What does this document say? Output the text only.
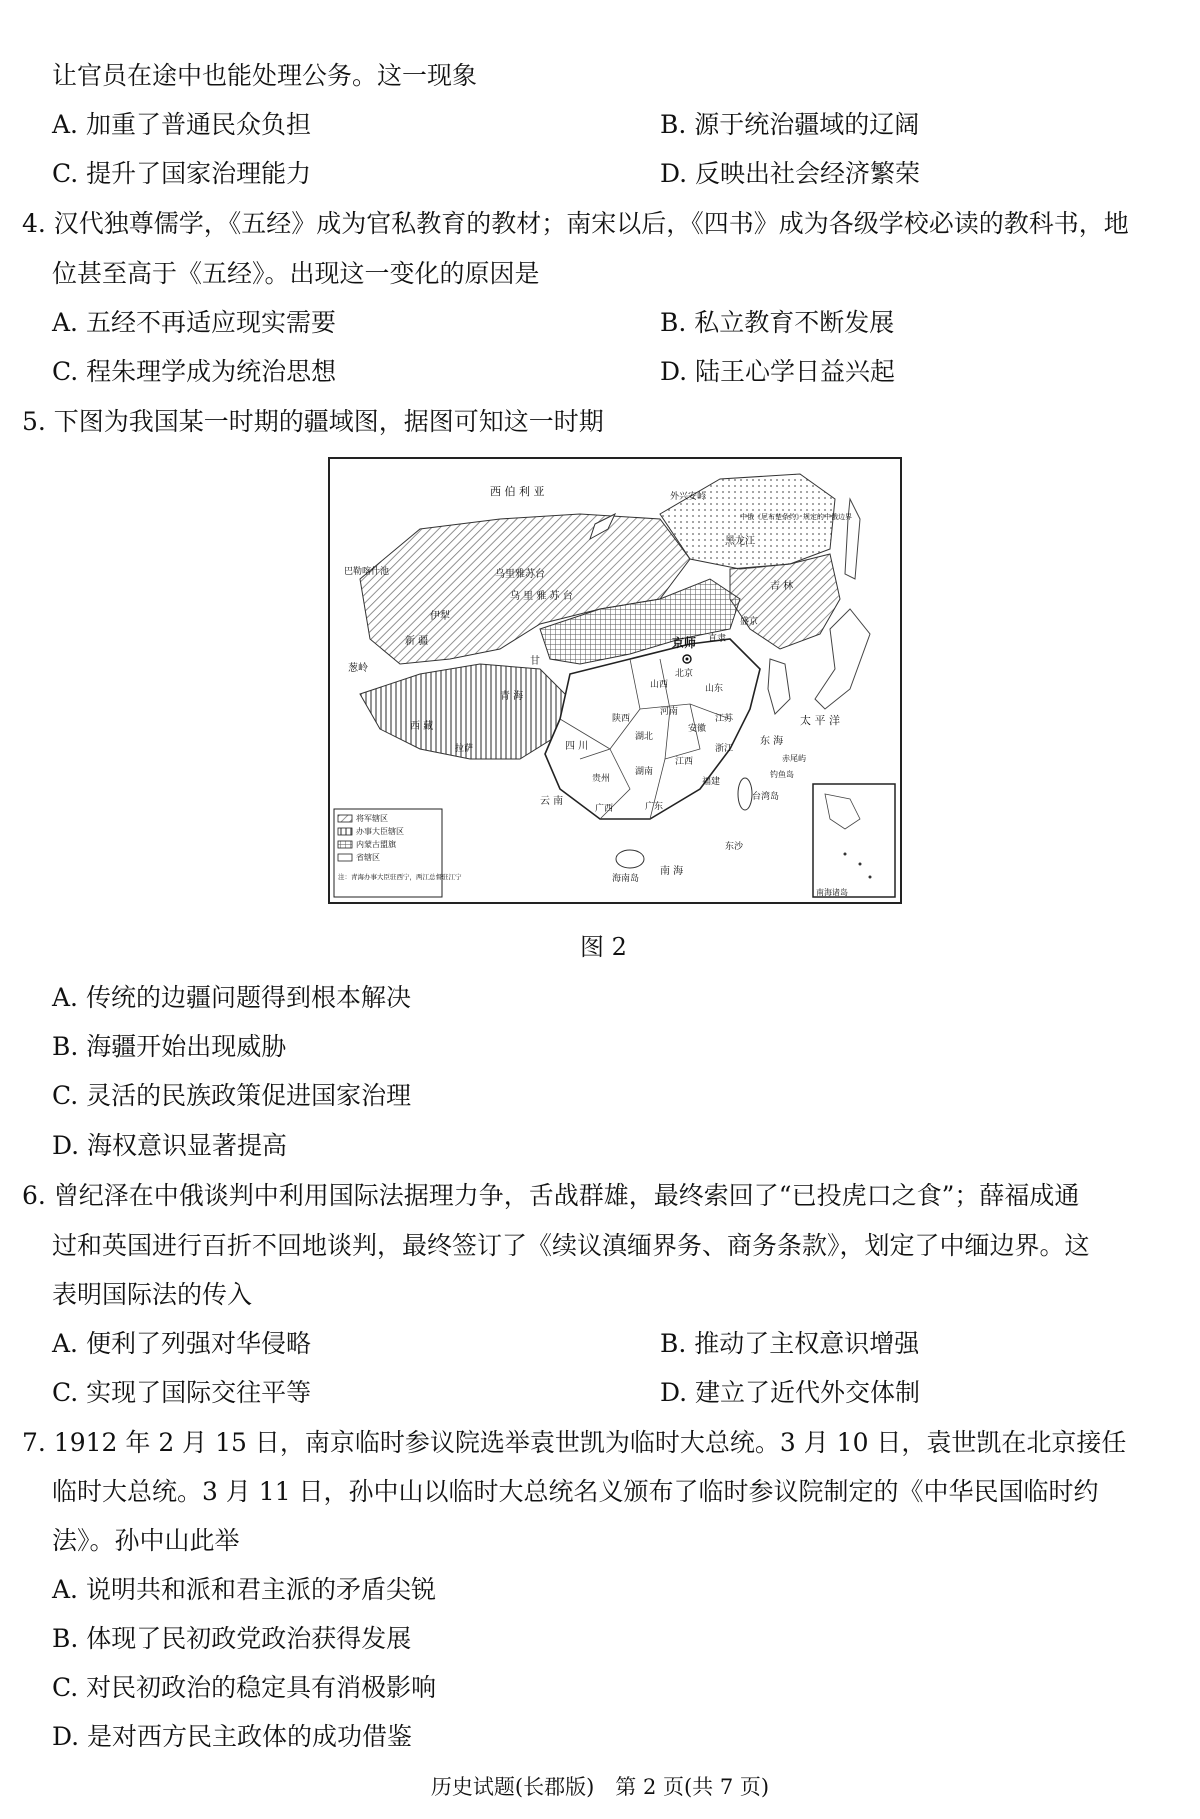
让官员在途中也能处理公务。这一现象
A. 加重了普通民众负担	B. 源于统治疆域的辽阔
C. 提升了国家治理能力	D. 反映出社会经济繁荣
4. 汉代独尊儒学，《五经》成为官私教育的教材；南宋以后，《四书》成为各级学校必读的教科书，地
位甚至高于《五经》。出现这一变化的原因是
A. 五经不再适应现实需要	B. 私立教育不断发展
C. 程朱理学成为统治思想	D. 陆王心学日益兴起
5. 下图为我国某一时期的疆域图，据图可知这一时期
西 伯 利 亚
乌里雅苏台
乌 里 雅 苏 台
京师
北京
伊犁
新 疆
葱岭
巴勒喀什池
甘
青 海
西 藏
拉萨	四 川
云 南
贵州
广西	广东
湖南
湖北
河南
陕西
山西	山东
江苏
安徽
江西
浙江
福建
直隶
盛京
吉 林
黑龙江
台湾岛
海南岛
东 海
南 海
太 平 洋
东沙
钓鱼岛
赤尾屿
南海诸岛
中俄《尼布楚条约》规定的中俄边界
外兴安岭
将军辖区
办事大臣辖区
内蒙古盟旗
省辖区
注：青海办事大臣驻西宁，两江总督驻江宁
图 2
A. 传统的边疆问题得到根本解决
B. 海疆开始出现威胁
C. 灵活的民族政策促进国家治理
D. 海权意识显著提高
6. 曾纪泽在中俄谈判中利用国际法据理力争，舌战群雄，最终索回了“已投虎口之食”；薛福成通
过和英国进行百折不回地谈判，最终签订了《续议滇缅界务、商务条款》，划定了中缅边界。这
表明国际法的传入
A. 便利了列强对华侵略	B. 推动了主权意识增强
C. 实现了国际交往平等	D. 建立了近代外交体制
7. 1912 年 2 月 15 日，南京临时参议院选举袁世凯为临时大总统。3 月 10 日，袁世凯在北京接任
临时大总统。3 月 11 日，孙中山以临时大总统名义颁布了临时参议院制定的《中华民国临时约
法》。孙中山此举
A. 说明共和派和君主派的矛盾尖锐
B. 体现了民初政党政治获得发展
C. 对民初政治的稳定具有消极影响
D. 是对西方民主政体的成功借鉴
历史试题(长郡版)　第 2 页(共 7 页)
